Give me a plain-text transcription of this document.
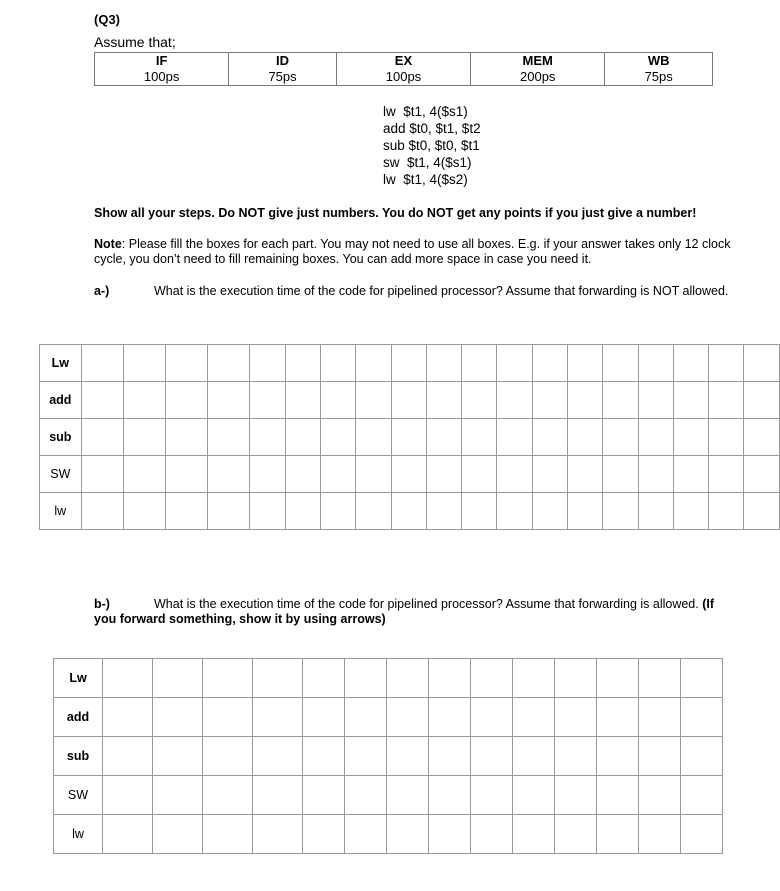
(Q3)
Assume that;
IF	ID	EX	MEM	WB
100ps	75ps	100ps	200ps	75ps
lw  $t1, 4($s1)
add $t0, $t1, $t2
sub $t0, $t0, $t1
sw  $t1, 4($s1)
lw  $t1, 4($s2)
Show all your steps. Do NOT give just numbers. You do NOT get any points if you just give a number!
Note: Please fill the boxes for each part. You may not need to use all boxes. E.g. if your answer takes only 12 clock cycle, you don’t need to fill remaining boxes. You can add more space in case you need it.
a-)	What is the execution time of the code for pipelined processor? Assume that forwarding is NOT allowed.
Lw																			
add																			
sub																			
SW																			
lw																			
b-)	What is the execution time of the code for pipelined processor? Assume that forwarding is allowed. (If you forward something, show it by using arrows)
Lw														
add														
sub														
SW														
lw														
